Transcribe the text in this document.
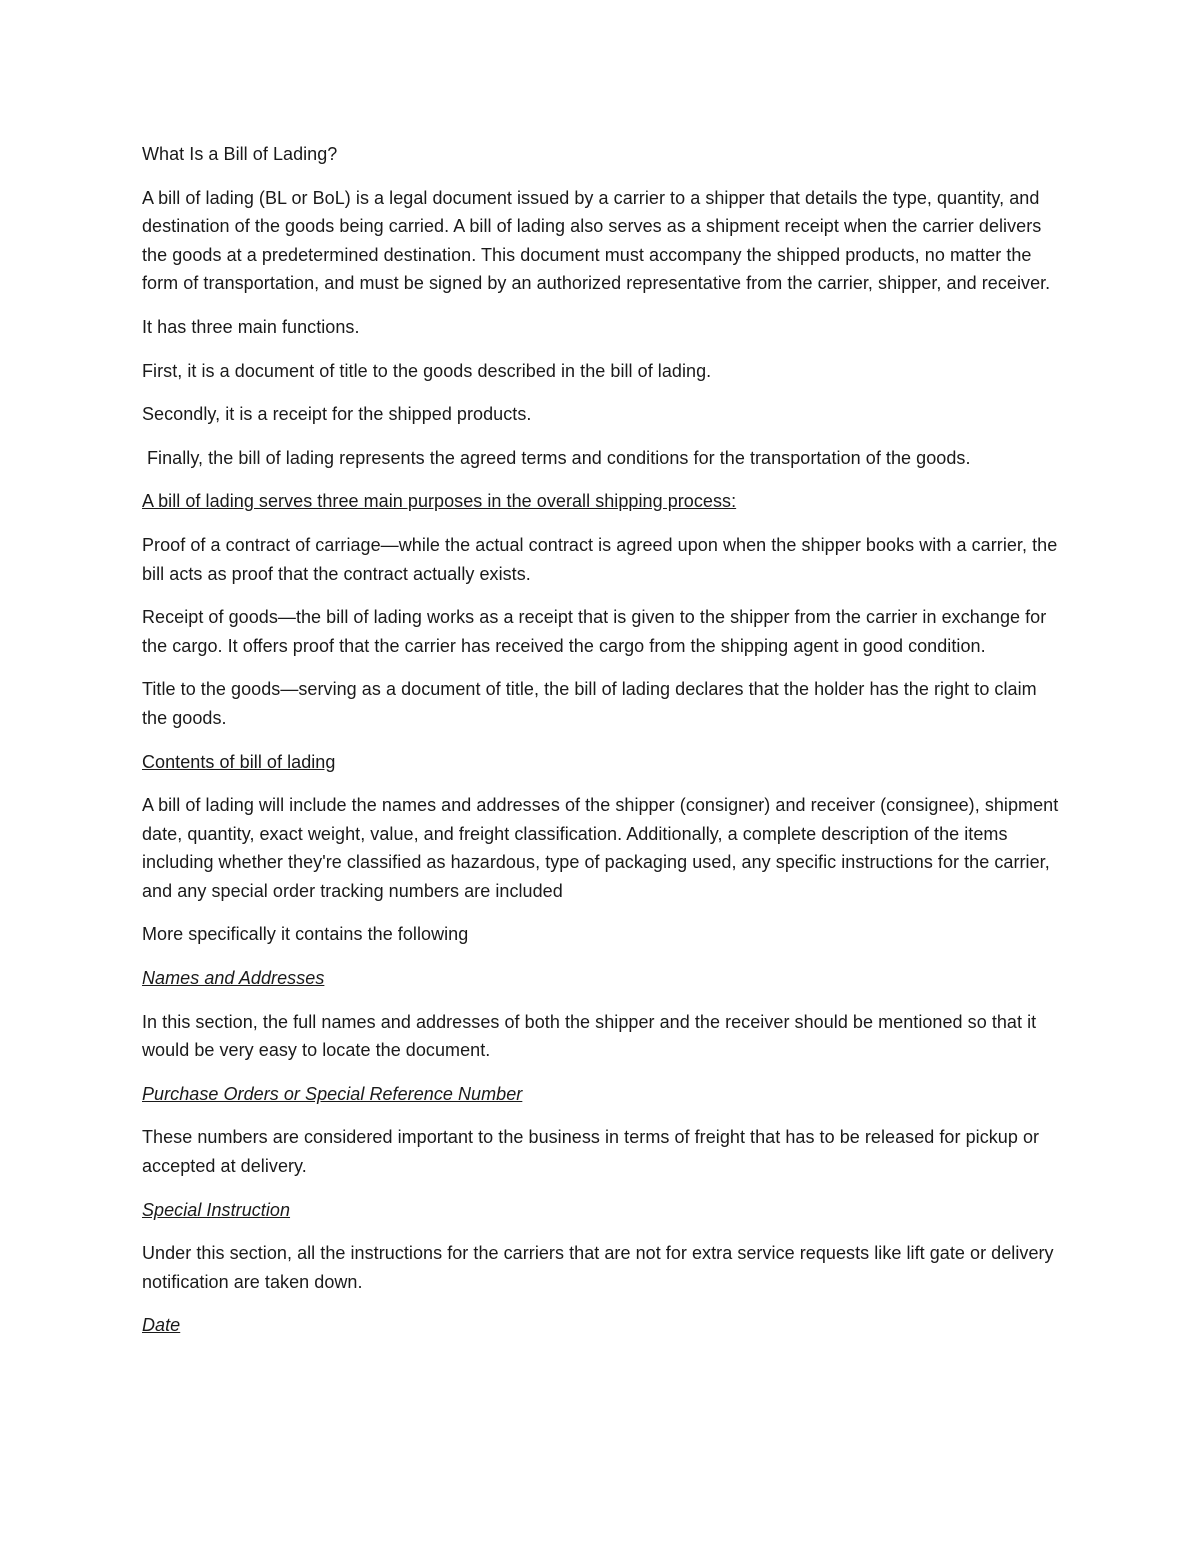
What Is a Bill of Lading?

A bill of lading (BL or BoL) is a legal document issued by a carrier to a shipper that details the type, quantity, and destination of the goods being carried. A bill of lading also serves as a shipment receipt when the carrier delivers the goods at a predetermined destination. This document must accompany the shipped products, no matter the form of transportation, and must be signed by an authorized representative from the carrier, shipper, and receiver.

It has three main functions.

First, it is a document of title to the goods described in the bill of lading.

Secondly, it is a receipt for the shipped products.

Finally, the bill of lading represents the agreed terms and conditions for the transportation of the goods.

A bill of lading serves three main purposes in the overall shipping process:

Proof of a contract of carriage—while the actual contract is agreed upon when the shipper books with a carrier, the bill acts as proof that the contract actually exists.

Receipt of goods—the bill of lading works as a receipt that is given to the shipper from the carrier in exchange for the cargo. It offers proof that the carrier has received the cargo from the shipping agent in good condition.

Title to the goods—serving as a document of title, the bill of lading declares that the holder has the right to claim the goods.

Contents of bill of lading

A bill of lading will include the names and addresses of the shipper (consigner) and receiver (consignee), shipment date, quantity, exact weight, value, and freight classification. Additionally, a complete description of the items including whether they're classified as hazardous, type of packaging used, any specific instructions for the carrier, and any special order tracking numbers are included

More specifically it contains the following

Names and Addresses

In this section, the full names and addresses of both the shipper and the receiver should be mentioned so that it would be very easy to locate the document.

Purchase Orders or Special Reference Number

These numbers are considered important to the business in terms of freight that has to be released for pickup or accepted at delivery.

Special Instruction

Under this section, all the instructions for the carriers that are not for extra service requests like lift gate or delivery notification are taken down.

Date
